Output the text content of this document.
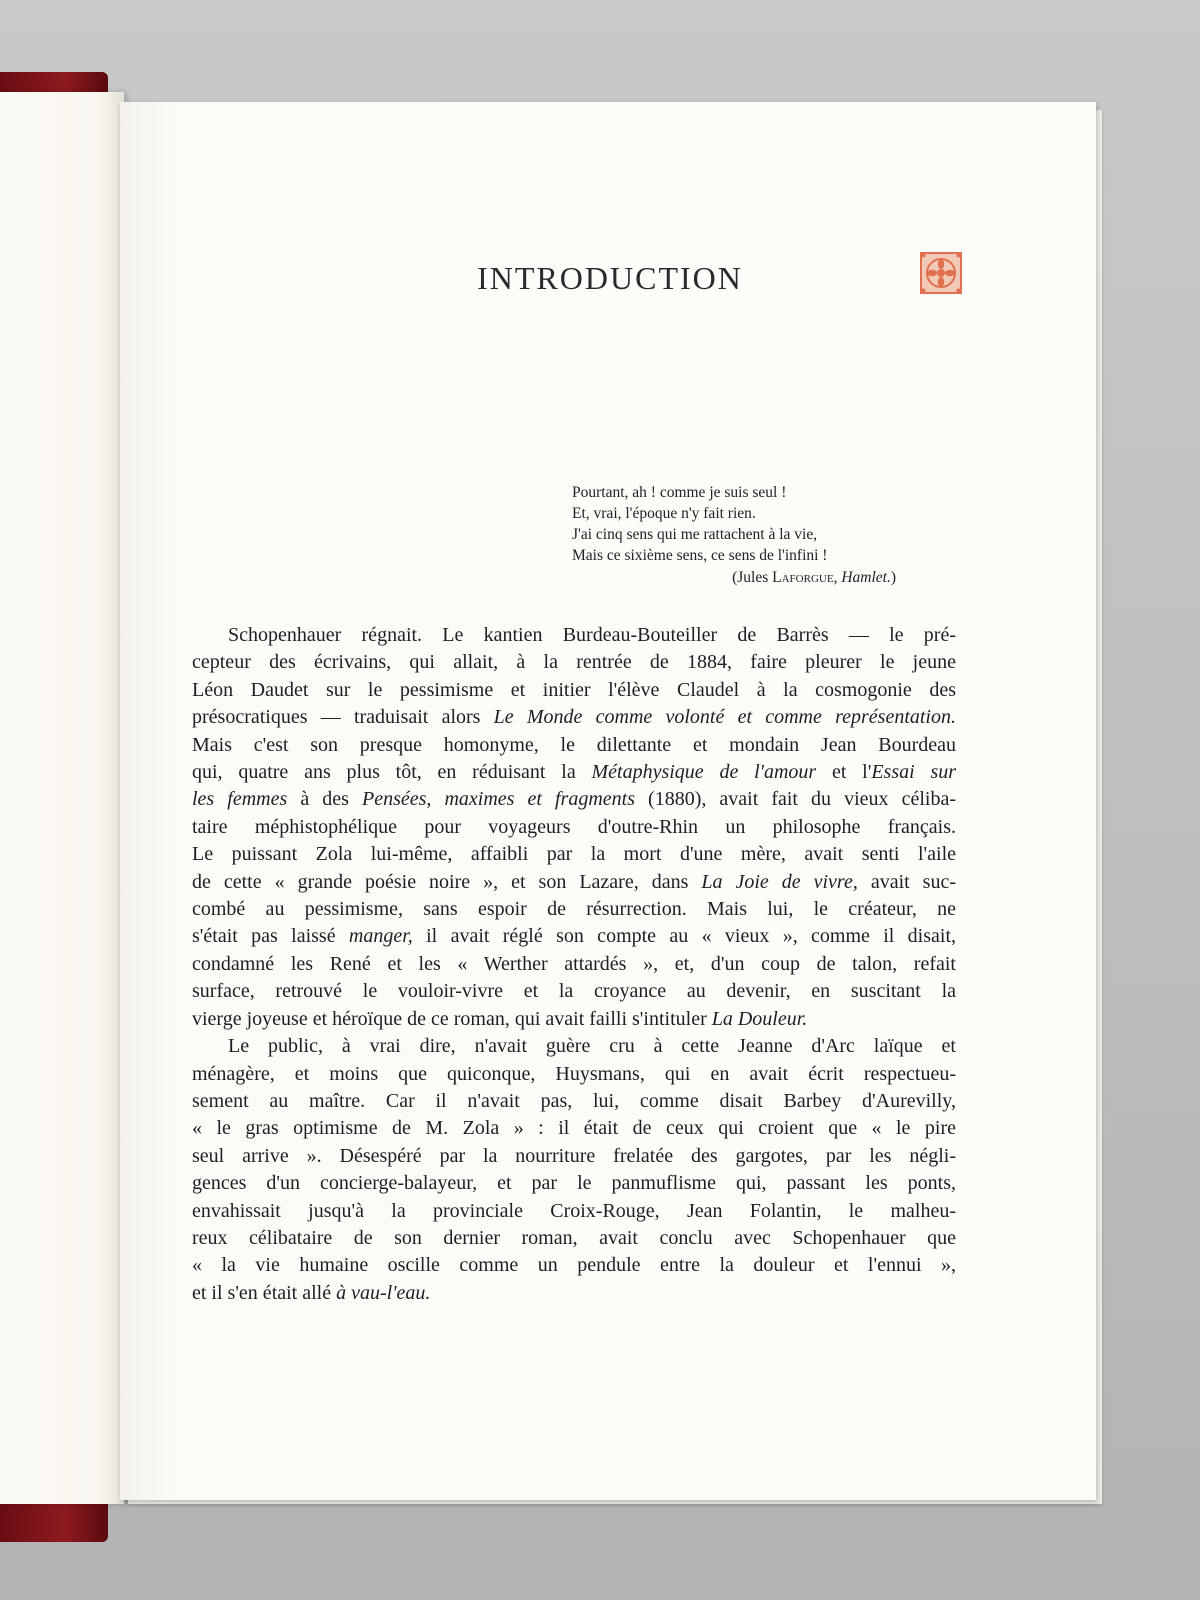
INTRODUCTION
Pourtant, ah ! comme je suis seul !
Et, vrai, l'époque n'y fait rien.
J'ai cinq sens qui me rattachent à la vie,
Mais ce sixième sens, ce sens de l'infini !
(Jules Laforgue, Hamlet.)
Schopenhauer régnait. Le kantien Burdeau-Bouteiller de Barrès — le pré-
cepteur des écrivains, qui allait, à la rentrée de 1884, faire pleurer le jeune
Léon Daudet sur le pessimisme et initier l'élève Claudel à la cosmogonie des
présocratiques — traduisait alors Le Monde comme volonté et comme représentation.
Mais c'est son presque homonyme, le dilettante et mondain Jean Bourdeau
qui, quatre ans plus tôt, en réduisant la Métaphysique de l'amour et l'Essai sur
les femmes à des Pensées, maximes et fragments (1880), avait fait du vieux céliba-
taire méphistophélique pour voyageurs d'outre-Rhin un philosophe français.
Le puissant Zola lui-même, affaibli par la mort d'une mère, avait senti l'aile
de cette « grande poésie noire », et son Lazare, dans La Joie de vivre, avait suc-
combé au pessimisme, sans espoir de résurrection. Mais lui, le créateur, ne
s'était pas laissé manger, il avait réglé son compte au « vieux », comme il disait,
condamné les René et les « Werther attardés », et, d'un coup de talon, refait
surface, retrouvé le vouloir-vivre et la croyance au devenir, en suscitant la
vierge joyeuse et héroïque de ce roman, qui avait failli s'intituler La Douleur.
Le public, à vrai dire, n'avait guère cru à cette Jeanne d'Arc laïque et
ménagère, et moins que quiconque, Huysmans, qui en avait écrit respectueu-
sement au maître. Car il n'avait pas, lui, comme disait Barbey d'Aurevilly,
« le gras optimisme de M. Zola » : il était de ceux qui croient que « le pire
seul arrive ». Désespéré par la nourriture frelatée des gargotes, par les négli-
gences d'un concierge-balayeur, et par le panmuflisme qui, passant les ponts,
envahissait jusqu'à la provinciale Croix-Rouge, Jean Folantin, le malheu-
reux célibataire de son dernier roman, avait conclu avec Schopenhauer que
« la vie humaine oscille comme un pendule entre la douleur et l'ennui »,
et il s'en était allé à vau-l'eau.
